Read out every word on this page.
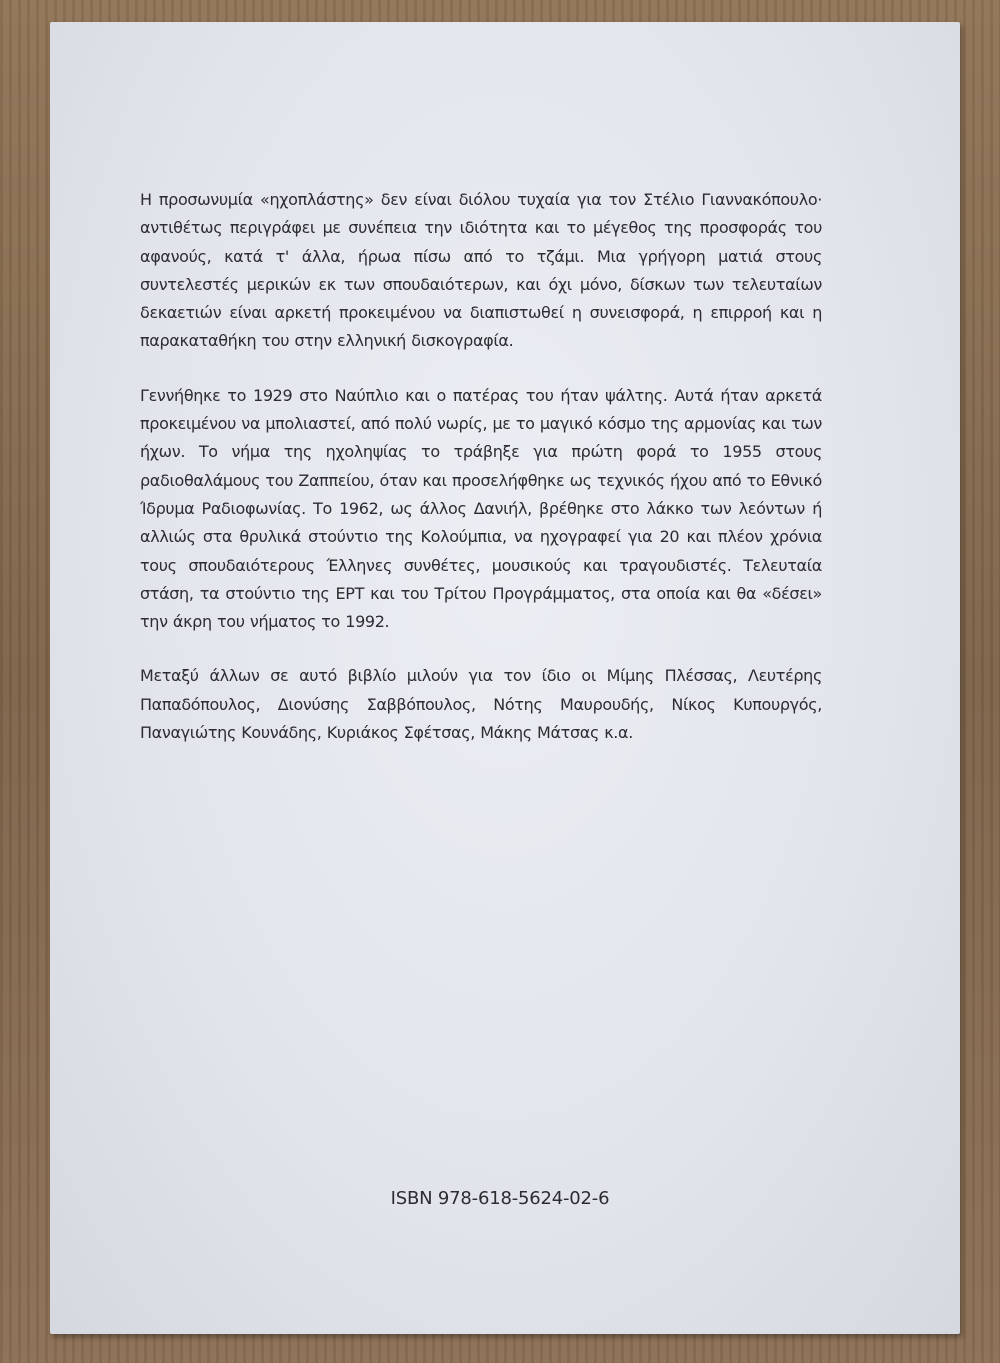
Η προσωνυμία «ηχοπλάστης» δεν είναι διόλου τυχαία για τον Στέλιο Γιαννακόπουλο· αντιθέτως περιγράφει με συνέπεια την ιδιότητα και το μέγεθος της προσφοράς του αφανούς, κατά τ' άλλα, ήρωα πίσω από το τζάμι. Μια γρήγορη ματιά στους συντελεστές μερικών εκ των σπουδαιότερων, και όχι μόνο, δίσκων των τελευταίων δεκαετιών είναι αρκετή προκειμένου να διαπιστωθεί η συνεισφορά, η επιρροή και η παρακαταθήκη του στην ελληνική δισκογραφία.

Γεννήθηκε το 1929 στο Ναύπλιο και ο πατέρας του ήταν ψάλτης. Αυτά ήταν αρκετά προκειμένου να μπολιαστεί, από πολύ νωρίς, με το μαγικό κόσμο της αρμονίας και των ήχων. Το νήμα της ηχοληψίας το τράβηξε για πρώτη φορά το 1955 στους ραδιοθαλάμους του Ζαππείου, όταν και προσελήφθηκε ως τεχνικός ήχου από το Εθνικό Ίδρυμα Ραδιοφωνίας. Το 1962, ως άλλος Δανιήλ, βρέθηκε στο λάκκο των λεόντων ή αλλιώς στα θρυλικά στούντιο της Κολούμπια, να ηχογραφεί για 20 και πλέον χρόνια τους σπουδαιότερους Έλληνες συνθέτες, μουσικούς και τραγουδιστές. Τελευταία στάση, τα στούντιο της ΕΡΤ και του Τρίτου Προγράμματος, στα οποία και θα «δέσει» την άκρη του νήματος το 1992.

Μεταξύ άλλων σε αυτό βιβλίο μιλούν για τον ίδιο οι Μίμης Πλέσσας, Λευτέρης Παπαδόπουλος, Διονύσης Σαββόπουλος, Νότης Μαυρουδής, Νίκος Κυπουργός, Παναγιώτης Κουνάδης, Κυριάκος Σφέτσας, Μάκης Μάτσας κ.α.

ISBN 978-618-5624-02-6
